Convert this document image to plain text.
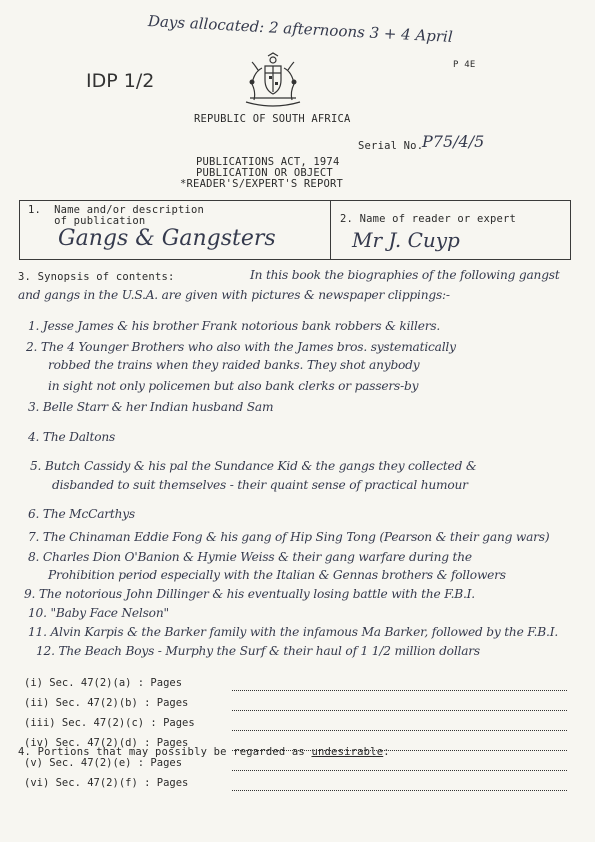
Days allocated: 2 afternoons 3 + 4 April
IDP 1/2
P 4E
REPUBLIC OF SOUTH AFRICA
Serial No.
P75/4/5
PUBLICATIONS ACT, 1974
PUBLICATION OR OBJECT
*READER'S/EXPERT'S REPORT
1.  Name and/or description
of publication
Gangs & Gangsters
2. Name of reader or expert
Mr J. Cuyp
3. Synopsis of contents:	In this book the biographies of the following gangst
and gangs in the U.S.A. are given with pictures & newspaper clippings:-
1. Jesse James & his brother Frank notorious bank robbers & killers.
2. The 4 Younger Brothers who also with the James bros. systematically
robbed the trains when they raided banks. They shot anybody
in sight not only policemen but also bank clerks or passers-by
3. Belle Starr & her Indian husband Sam
4. The Daltons
5. Butch Cassidy & his pal the Sundance Kid & the gangs they collected &
disbanded to suit themselves - their quaint sense of practical humour
6. The McCarthys
7. The Chinaman Eddie Fong & his gang of Hip Sing Tong (Pearson & their gang wars)
8. Charles Dion O'Banion & Hymie Weiss & their gang warfare during the
Prohibition period especially with the Italian & Gennas brothers & followers
9. The notorious John Dillinger & his eventually losing battle with the F.B.I.
10. "Baby Face Nelson"
11. Alvin Karpis & the Barker family with the infamous Ma Barker, followed by the F.B.I.
12. The Beach Boys - Murphy the Surf & their haul of 1 1/2 million dollars
4. Portions that may possibly be regarded as undesirable:
(i) Sec. 47(2)(a) : Pages
(ii) Sec. 47(2)(b) : Pages
(iii) Sec. 47(2)(c) : Pages
(iv) Sec. 47(2)(d) : Pages
(v) Sec. 47(2)(e) : Pages
(vi) Sec. 47(2)(f) : Pages
